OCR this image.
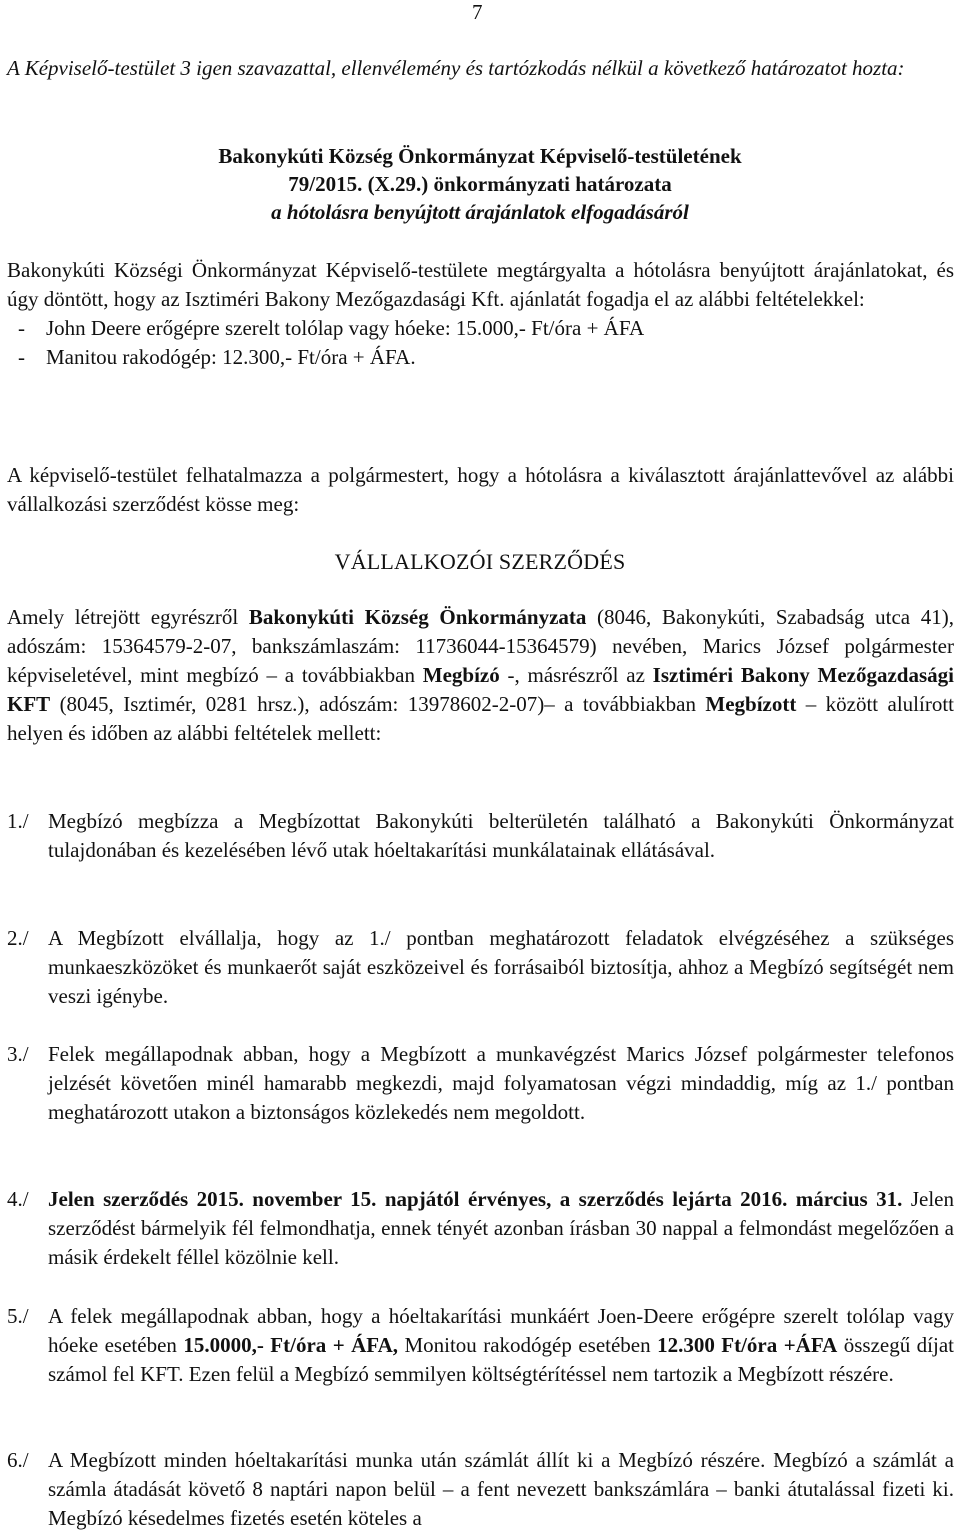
7
A Képviselő-testület 3 igen szavazattal, ellenvélemény és tartózkodás nélkül a következő határozatot hozta:
Bakonykúti Község Önkormányzat Képviselő-testületének
79/2015. (X.29.) önkormányzati határozata
a hótolásra benyújtott árajánlatok elfogadásáról
Bakonykúti Községi Önkormányzat Képviselő-testülete megtárgyalta a hótolásra benyújtott árajánlatokat, és úgy döntött, hogy az Isztiméri Bakony Mezőgazdasági Kft. ajánlatát fogadja el az alábbi feltételekkel:
-	John Deere erőgépre szerelt tolólap vagy hóeke: 15.000,- Ft/óra + ÁFA
-	Manitou rakodógép: 12.300,- Ft/óra + ÁFA.
A képviselő-testület felhatalmazza a polgármestert, hogy a hótolásra a kiválasztott árajánlattevővel az alábbi vállalkozási szerződést kösse meg:
VÁLLALKOZÓI SZERZŐDÉS
Amely létrejött egyrészről Bakonykúti Község Önkormányzata (8046, Bakonykúti, Szabadság utca 41), adószám: 15364579-2-07, bankszámlaszám: 11736044-15364579) nevében, Marics József polgármester képviseletével, mint megbízó – a továbbiakban Megbízó -, másrészről az Isztiméri Bakony Mezőgazdasági KFT (8045, Isztimér, 0281 hrsz.), adószám: 13978602-2-07)– a továbbiakban Megbízott – között alulírott helyen és időben az alábbi feltételek mellett:
1./ Megbízó megbízza a Megbízottat Bakonykúti belterületén található a Bakonykúti Önkormányzat tulajdonában és kezelésében lévő utak hóeltakarítási munkálatainak ellátásával.
2./ A Megbízott elvállalja, hogy az 1./ pontban meghatározott feladatok elvégzéséhez a szükséges munkaeszközöket és munkaerőt saját eszközeivel és forrásaiból biztosítja, ahhoz a Megbízó segítségét nem veszi igénybe.
3./ Felek megállapodnak abban, hogy a Megbízott a munkavégzést Marics József polgármester telefonos jelzését követően minél hamarabb megkezdi, majd folyamatosan végzi mindaddig, míg az 1./ pontban meghatározott utakon a biztonságos közlekedés nem megoldott.
4./ Jelen szerződés 2015. november 15. napjától érvényes, a szerződés lejárta 2016. március 31. Jelen szerződést bármelyik fél felmondhatja, ennek tényét azonban írásban 30 nappal a felmondást megelőzően a másik érdekelt féllel közölnie kell.
5./ A felek megállapodnak abban, hogy a hóeltakarítási munkáért Joen-Deere erőgépre szerelt tolólap vagy hóeke esetében 15.0000,- Ft/óra + ÁFA, Monitou rakodógép esetében 12.300 Ft/óra +ÁFA összegű díjat számol fel KFT. Ezen felül a Megbízó semmilyen költségtérítéssel nem tartozik a Megbízott részére.
6./ A Megbízott minden hóeltakarítási munka után számlát állít ki a Megbízó részére. Megbízó a számlát a számla átadását követő 8 naptári napon belül – a fent nevezett bankszámlára – banki átutalással fizeti ki. Megbízó késedelmes fizetés esetén köteles a
